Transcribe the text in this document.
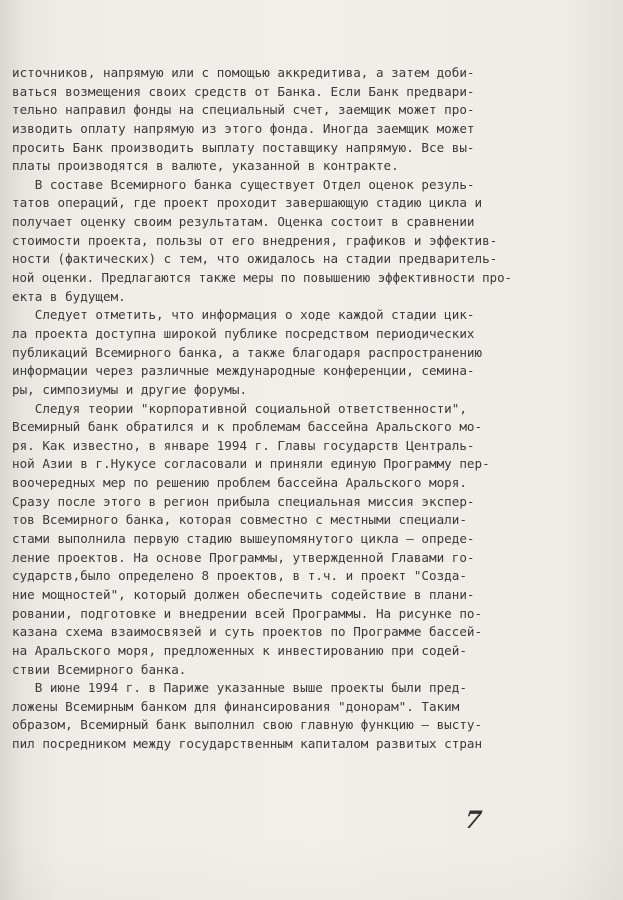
источников, напрямую или с помощью аккредитива, а затем доби-
ваться возмещения своих средств от Банка. Если Банк предвари-
тельно направил фонды на специальный счет, заемщик может про-
изводить оплату напрямую из этого фонда. Иногда заемщик может
просить Банк производить выплату поставщику напрямую. Все вы-
платы производятся в валюте, указанной в контракте.
В составе Всемирного банка существует Отдел оценок резуль-
татов операций, где проект проходит завершающую стадию цикла и
получает оценку своим результатам. Оценка состоит в сравнении
стоимости проекта, пользы от его внедрения, графиков и эффектив-
ности (фактических) с тем, что ожидалось на стадии предваритель-
ной оценки. Предлагаются также меры по повышению эффективности про-
екта в будущем.
Следует отметить, что информация о ходе каждой стадии цик-
ла проекта доступна широкой публике посредством периодических
публикаций Всемирного банка, а также благодаря распространению
информации через различные международные конференции, семина-
ры, симпозиумы и другие форумы.
Следуя теории "корпоративной социальной ответственности",
Всемирный банк обратился и к проблемам бассейна Аральского мо-
ря. Как известно, в январе 1994 г. Главы государств Централь-
ной Азии в г.Нукусе согласовали и приняли единую Программу пер-
воочередных мер по решению проблем бассейна Аральского моря.
Сразу после этого в регион прибыла специальная миссия экспер-
тов Всемирного банка, которая совместно с местными специали-
стами выполнила первую стадию вышеупомянутого цикла – опреде-
ление проектов. На основе Программы, утвержденной Главами го-
сударств,было определено 8 проектов, в т.ч. и проект "Созда-
ние мощностей", который должен обеспечить содействие в плани-
ровании, подготовке и внедрении всей Программы. На рисунке по-
казана схема взаимосвязей и суть проектов по Программе бассей-
на Аральского моря, предложенных к инвестированию при содей-
ствии Всемирного банка.
В июне 1994 г. в Париже указанные выше проекты были пред-
ложены Всемирным банком для финансирования "донорам". Таким
образом, Всемирный банк выполнил свою главную функцию – высту-
пил посредником между государственным капиталом развитых стран
7
